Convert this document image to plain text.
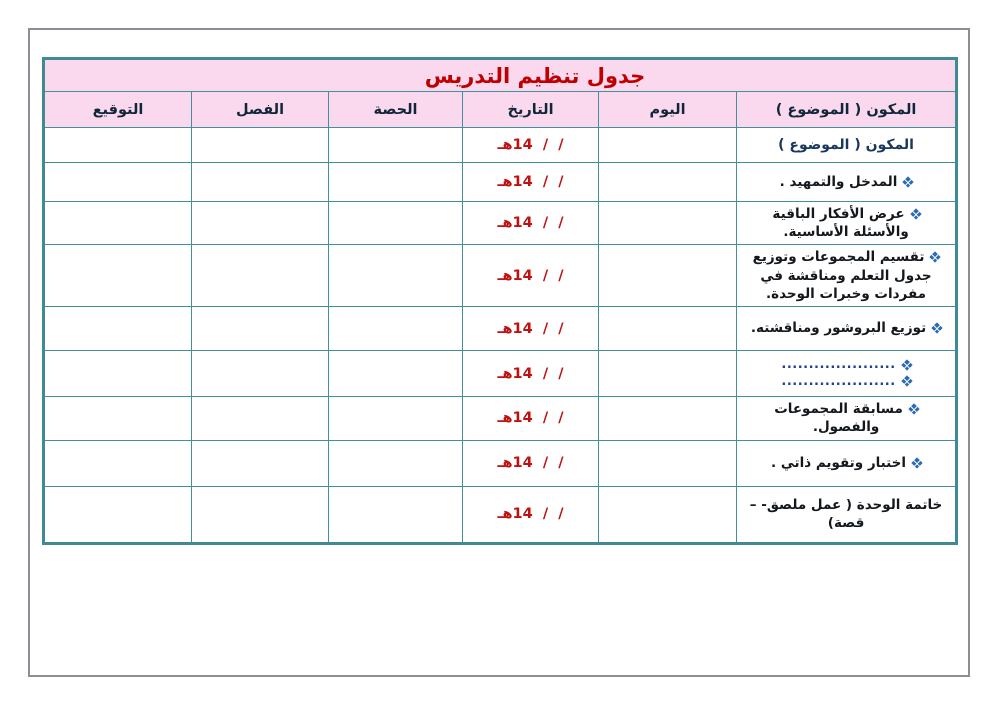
جدول تنظيم التدريس					
المكون ( الموضوع )	اليوم	التاريخ	الحصة	الفصل	التوقيع

المكون ( الموضوع )		/  /  14هـ			

المدخل والتمهيد .		/  /  14هـ			

عرض الأفكار الباقية والأسئلة الأساسية.		/  /  14هـ			

تقسيم المجموعات وتوزيع جدول التعلم ومناقشة في مفردات وخبرات الوحدة.		/  /  14هـ			

توزيع البروشور ومناقشته.		/  /  14هـ			

.....................
.....................		/  /  14هـ			

مسابقة المجموعات والفصول.		/  /  14هـ			

اختبار وتقويم ذاتي .		/  /  14هـ			

خاتمة الوحدة ( عمل ملصق- – قصة)		/  /  14هـ			
